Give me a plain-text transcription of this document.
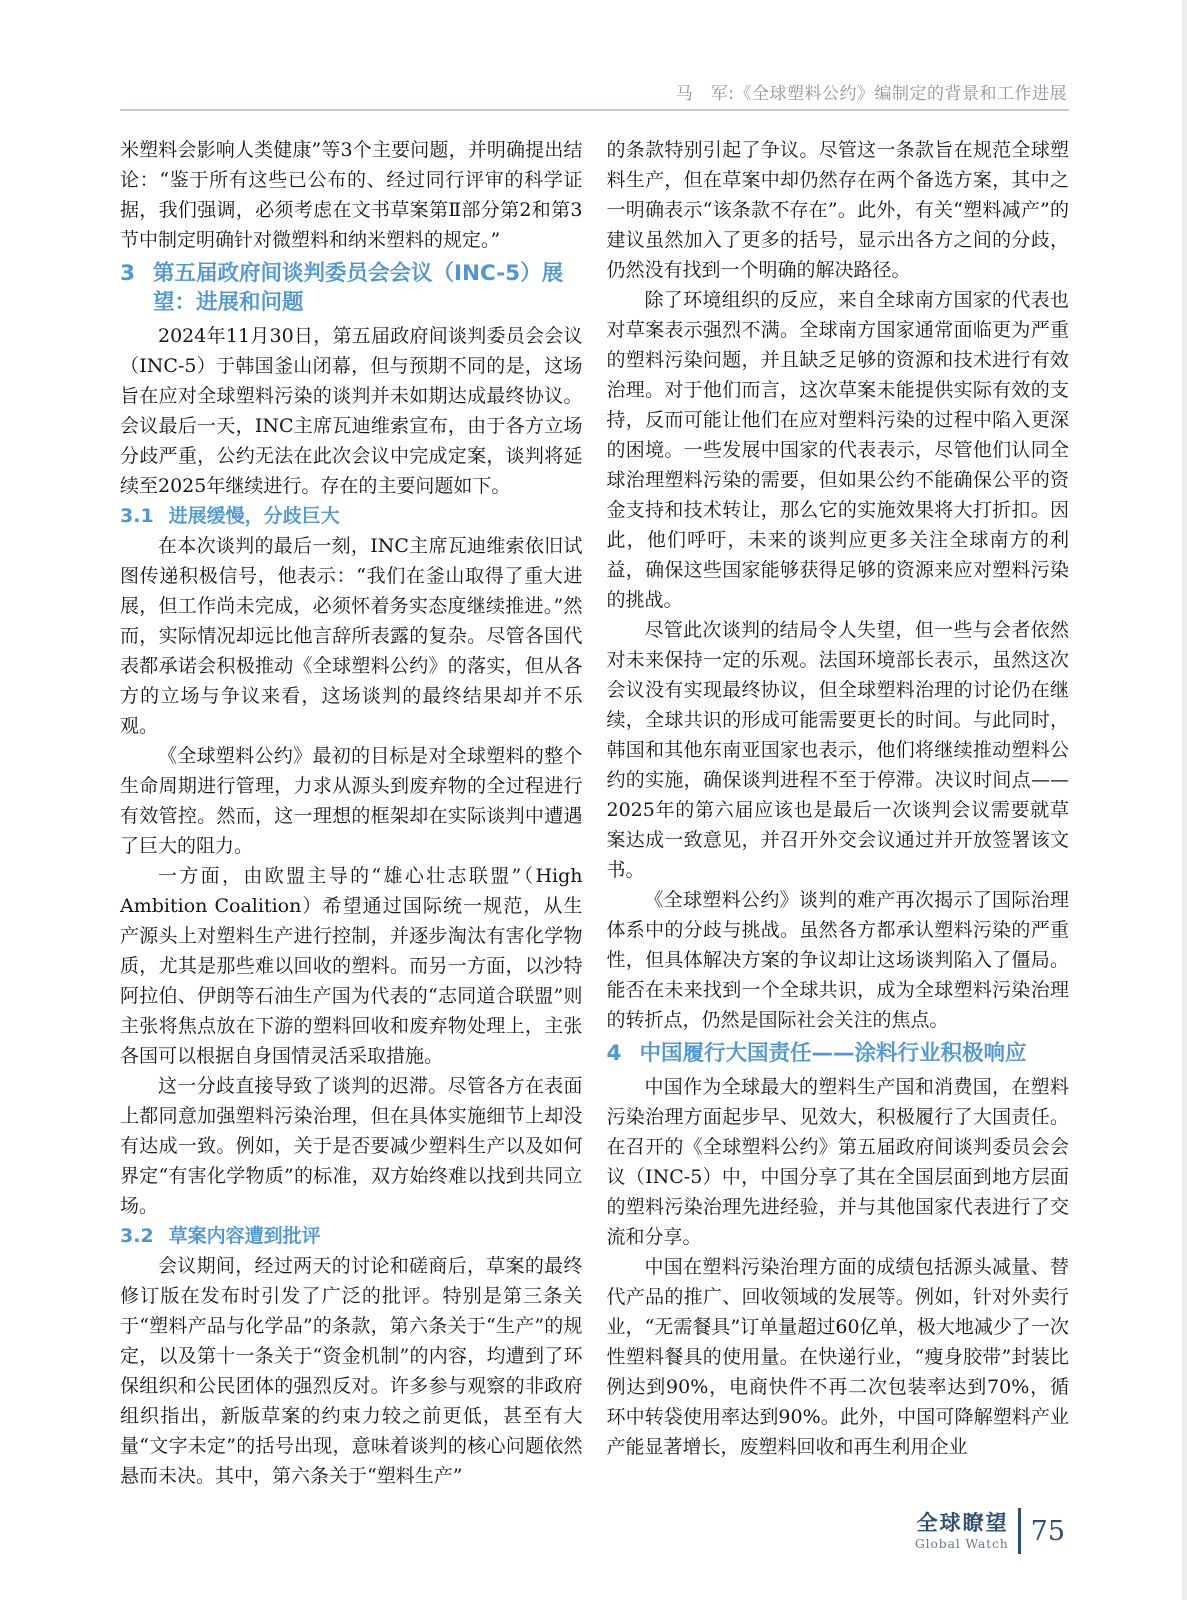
马　军:《全球塑料公约》编制定的背景和工作进展

米塑料会影响人类健康”等3个主要问题，并明确提出结论：“鉴于所有这些已公布的、经过同行评审的科学证据，我们强调，必须考虑在文书草案第Ⅱ部分第2和第3节中制定明确针对微塑料和纳米塑料的规定。”

3 第五届政府间谈判委员会会议（INC-5）展望：进展和问题

2024年11月30日，第五届政府间谈判委员会会议（INC-5）于韩国釜山闭幕，但与预期不同的是，这场旨在应对全球塑料污染的谈判并未如期达成最终协议。会议最后一天，INC主席瓦迪维索宣布，由于各方立场分歧严重，公约无法在此次会议中完成定案，谈判将延续至2025年继续进行。存在的主要问题如下。

3.1 进展缓慢，分歧巨大

在本次谈判的最后一刻，INC主席瓦迪维索依旧试图传递积极信号，他表示：“我们在釜山取得了重大进展，但工作尚未完成，必须怀着务实态度继续推进。”然而，实际情况却远比他言辞所表露的复杂。尽管各国代表都承诺会积极推动《全球塑料公约》的落实，但从各方的立场与争议来看，这场谈判的最终结果却并不乐观。

《全球塑料公约》最初的目标是对全球塑料的整个生命周期进行管理，力求从源头到废弃物的全过程进行有效管控。然而，这一理想的框架却在实际谈判中遭遇了巨大的阻力。

一方面，由欧盟主导的“雄心壮志联盟”（High Ambition Coalition）希望通过国际统一规范，从生产源头上对塑料生产进行控制，并逐步淘汰有害化学物质，尤其是那些难以回收的塑料。而另一方面，以沙特阿拉伯、伊朗等石油生产国为代表的“志同道合联盟”则主张将焦点放在下游的塑料回收和废弃物处理上，主张各国可以根据自身国情灵活采取措施。

这一分歧直接导致了谈判的迟滞。尽管各方在表面上都同意加强塑料污染治理，但在具体实施细节上却没有达成一致。例如，关于是否要减少塑料生产以及如何界定“有害化学物质”的标准，双方始终难以找到共同立场。

3.2 草案内容遭到批评

会议期间，经过两天的讨论和磋商后，草案的最终修订版在发布时引发了广泛的批评。特别是第三条关于“塑料产品与化学品”的条款，第六条关于“生产”的规定，以及第十一条关于“资金机制”的内容，均遭到了环保组织和公民团体的强烈反对。许多参与观察的非政府组织指出，新版草案的约束力较之前更低，甚至有大量“文字未定”的括号出现，意味着谈判的核心问题依然悬而未决。其中，第六条关于“塑料生产”

的条款特别引起了争议。尽管这一条款旨在规范全球塑料生产，但在草案中却仍然存在两个备选方案，其中之一明确表示“该条款不存在”。此外，有关“塑料减产”的建议虽然加入了更多的括号，显示出各方之间的分歧，仍然没有找到一个明确的解决路径。

除了环境组织的反应，来自全球南方国家的代表也对草案表示强烈不满。全球南方国家通常面临更为严重的塑料污染问题，并且缺乏足够的资源和技术进行有效治理。对于他们而言，这次草案未能提供实际有效的支持，反而可能让他们在应对塑料污染的过程中陷入更深的困境。一些发展中国家的代表表示，尽管他们认同全球治理塑料污染的需要，但如果公约不能确保公平的资金支持和技术转让，那么它的实施效果将大打折扣。因此，他们呼吁，未来的谈判应更多关注全球南方的利益，确保这些国家能够获得足够的资源来应对塑料污染的挑战。

尽管此次谈判的结局令人失望，但一些与会者依然对未来保持一定的乐观。法国环境部长表示，虽然这次会议没有实现最终协议，但全球塑料治理的讨论仍在继续，全球共识的形成可能需要更长的时间。与此同时，韩国和其他东南亚国家也表示，他们将继续推动塑料公约的实施，确保谈判进程不至于停滞。决议时间点——2025年的第六届应该也是最后一次谈判会议需要就草案达成一致意见，并召开外交会议通过并开放签署该文书。

《全球塑料公约》谈判的难产再次揭示了国际治理体系中的分歧与挑战。虽然各方都承认塑料污染的严重性，但具体解决方案的争议却让这场谈判陷入了僵局。能否在未来找到一个全球共识，成为全球塑料污染治理的转折点，仍然是国际社会关注的焦点。

4 中国履行大国责任——涂料行业积极响应

中国作为全球最大的塑料生产国和消费国，在塑料污染治理方面起步早、见效大，积极履行了大国责任。在召开的《全球塑料公约》第五届政府间谈判委员会会议（INC-5）中，中国分享了其在全国层面到地方层面的塑料污染治理先进经验，并与其他国家代表进行了交流和分享。

中国在塑料污染治理方面的成绩包括源头减量、替代产品的推广、回收领域的发展等。例如，针对外卖行业，“无需餐具”订单量超过60亿单，极大地减少了一次性塑料餐具的使用量。在快递行业，“瘦身胶带”封装比例达到90%，电商快件不再二次包装率达到70%，循环中转袋使用率达到90%。此外，中国可降解塑料产业产能显著增长，废塑料回收和再生利用企业

全球瞭望
Global Watch 75
